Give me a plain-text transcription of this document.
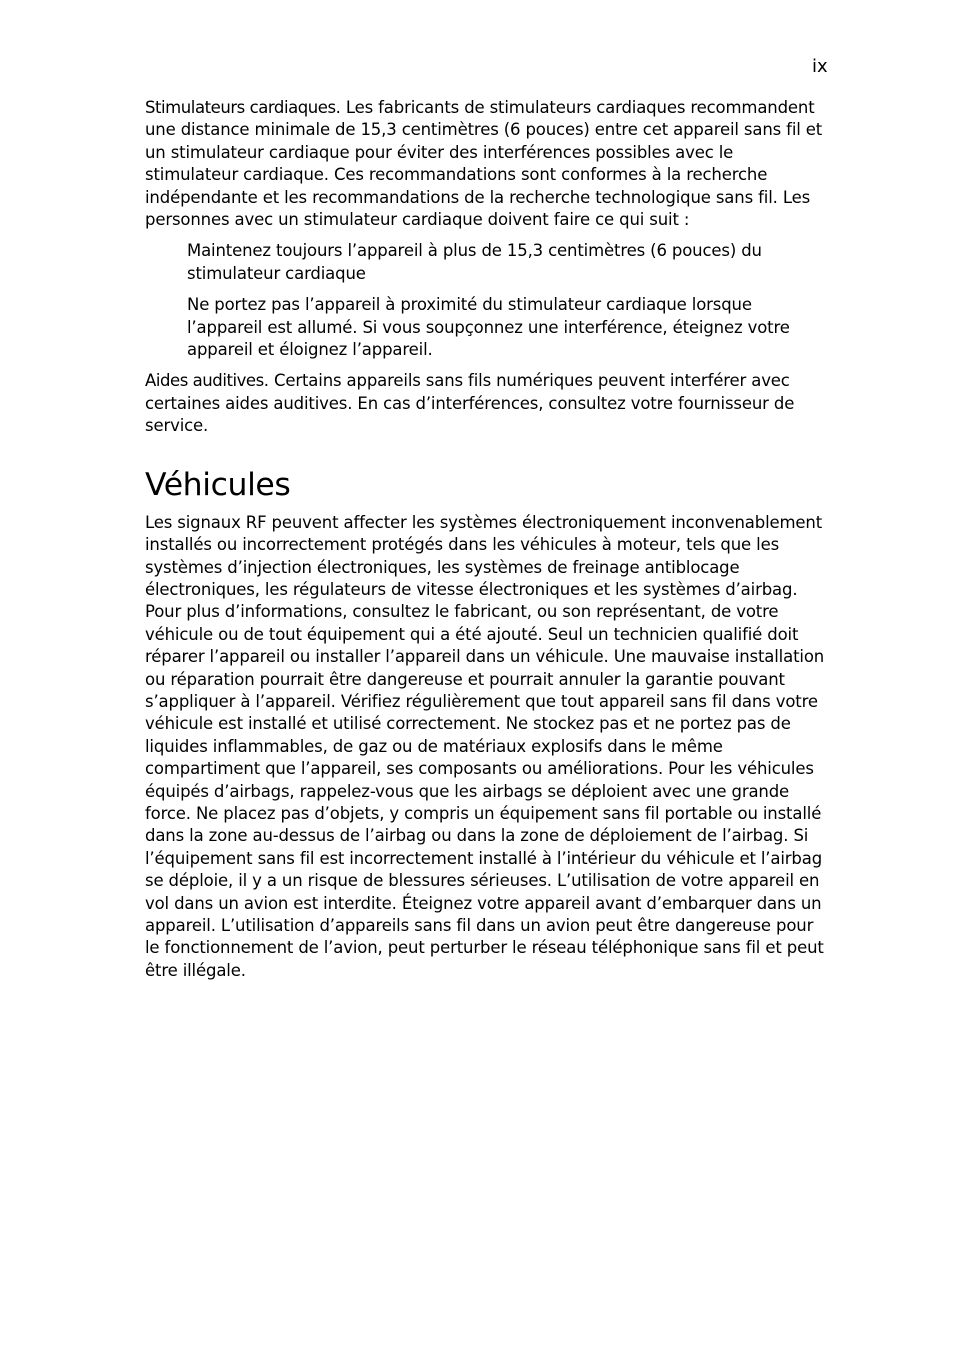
ix

Stimulateurs cardiaques. Les fabricants de stimulateurs cardiaques recommandent une distance minimale de 15,3 centimètres (6 pouces) entre cet appareil sans fil et un stimulateur cardiaque pour éviter des interférences possibles avec le stimulateur cardiaque. Ces recommandations sont conformes à la recherche indépendante et les recommandations de la recherche technologique sans fil. Les personnes avec un stimulateur cardiaque doivent faire ce qui suit :

Maintenez toujours l’appareil à plus de 15,3 centimètres (6 pouces) du stimulateur cardiaque

Ne portez pas l’appareil à proximité du stimulateur cardiaque lorsque l’appareil est allumé. Si vous soupçonnez une interférence, éteignez votre appareil et éloignez l’appareil.

Aides auditives. Certains appareils sans fils numériques peuvent interférer avec certaines aides auditives. En cas d’interférences, consultez votre fournisseur de service.

Véhicules

Les signaux RF peuvent affecter les systèmes électroniquement inconvenablement installés ou incorrectement protégés dans les véhicules à moteur, tels que les systèmes d’injection électroniques, les systèmes de freinage antiblocage électroniques, les régulateurs de vitesse électroniques et les systèmes d’airbag. Pour plus d’informations, consultez le fabricant, ou son représentant, de votre véhicule ou de tout équipement qui a été ajouté. Seul un technicien qualifié doit réparer l’appareil ou installer l’appareil dans un véhicule. Une mauvaise installation ou réparation pourrait être dangereuse et pourrait annuler la garantie pouvant s’appliquer à l’appareil. Vérifiez régulièrement que tout appareil sans fil dans votre véhicule est installé et utilisé correctement. Ne stockez pas et ne portez pas de liquides inflammables, de gaz ou de matériaux explosifs dans le même compartiment que l’appareil, ses composants ou améliorations. Pour les véhicules équipés d’airbags, rappelez-vous que les airbags se déploient avec une grande force. Ne placez pas d’objets, y compris un équipement sans fil portable ou installé dans la zone au-dessus de l’airbag ou dans la zone de déploiement de l’airbag. Si l’équipement sans fil est incorrectement installé à l’intérieur du véhicule et l’airbag se déploie, il y a un risque de blessures sérieuses. L’utilisation de votre appareil en vol dans un avion est interdite. Éteignez votre appareil avant d’embarquer dans un appareil. L’utilisation d’appareils sans fil dans un avion peut être dangereuse pour le fonctionnement de l’avion, peut perturber le réseau téléphonique sans fil et peut être illégale.
